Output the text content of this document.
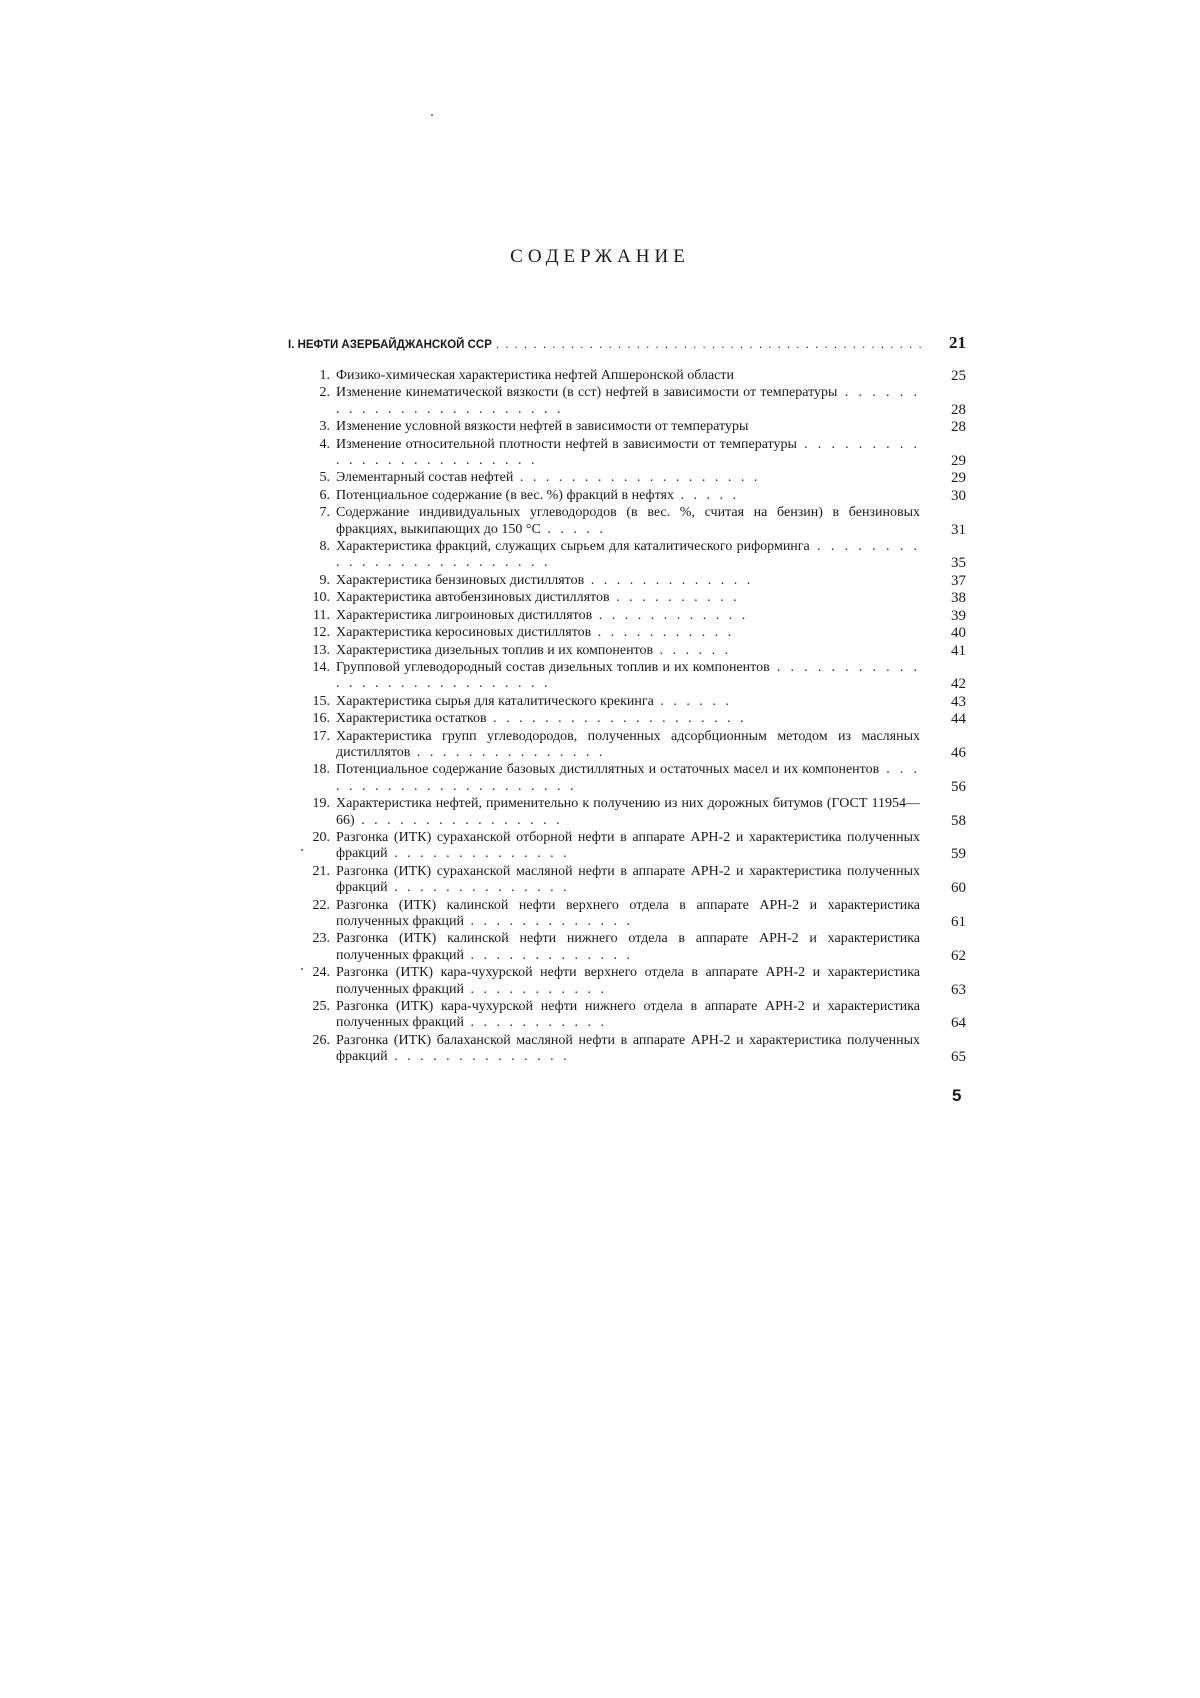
СОДЕРЖАНИЕ
I. НЕФТИ АЗЕРБАЙДЖАНСКОЙ ССР . . .	21
1. Физико-химическая характеристика нефтей Апшеронской области	25
2. Изменение кинематической вязкости (в сст) нефтей в зависимости от температуры . . . . . . . . . . . . . . . . . . . . . . . .	28
3. Изменение условной вязкости нефтей в зависимости от температуры	28
4. Изменение относительной плотности нефтей в зависимости от температуры . . . . . . . . . . . . . . . . . . . . . . . . .	29
5. Элементарный состав нефтей . . . . . . . . . . . . . . . . . . .	29
6. Потенциальное содержание (в вес. %) фракций в нефтях . . . . .	30
7. Содержание индивидуальных углеводородов (в вес. %, считая на бензин) в бензиновых фракциях, выкипающих до 150 °С . . . . .	31
8. Характеристика фракций, служащих сырьем для каталитического риформинга . . . . . . . . . . . . . . . . . . . . . . . . .	35
9. Характеристика бензиновых дистиллятов . . . . . . . . . . . . .	37
10. Характеристика автобензиновых дистиллятов . . . . . . . . . .	38
11. Характеристика лигроиновых дистиллятов . . . . . . . . . . . .	39
12. Характеристика керосиновых дистиллятов . . . . . . . . . . .	40
13. Характеристика дизельных топлив и их компонентов . . . . . .	41
14. Групповой углеводородный состав дизельных топлив и их компонентов . . . . . . . . . . . . . . . . . . . . . . . . . . . .	42
15. Характеристика сырья для каталитического крекинга . . . . . .	43
16. Характеристика остатков . . . . . . . . . . . . . . . . . . . .	44
17. Характеристика групп углеводородов, полученных адсорбционным методом из масляных дистиллятов . . . . . . . . . . . . . . .	46
18. Потенциальное содержание базовых дистиллятных и остаточных масел и их компонентов . . . . . . . . . . . . . . . . . . . . . .	56
19. Характеристика нефтей, применительно к получению из них дорожных битумов (ГОСТ 11954—66) . . . . . . . . . . . . . . . .	58
20. Разгонка (ИТК) сураханской отборной нефти в аппарате АРН-2 и характеристика полученных фракций . . . . . . . . . . . . . .	59
21. Разгонка (ИТК) сураханской масляной нефти в аппарате АРН-2 и характеристика полученных фракций . . . . . . . . . . . . . .	60
22. Разгонка (ИТК) калинской нефти верхнего отдела в аппарате АРН-2 и характеристика полученных фракций . . . . . . . . . . . . .	61
23. Разгонка (ИТК) калинской нефти нижнего отдела в аппарате АРН-2 и характеристика полученных фракций . . . . . . . . . . . . .	62
24. Разгонка (ИТК) кара-чухурской нефти верхнего отдела в аппарате АРН-2 и характеристика полученных фракций . . . . . . . . . . .	63
25. Разгонка (ИТК) кара-чухурской нефти нижнего отдела в аппарате АРН-2 и характеристика полученных фракций . . . . . . . . . . .	64
26. Разгонка (ИТК) балаханской масляной нефти в аппарате АРН-2 и характеристика полученных фракций . . . . . . . . . . . . . .	65
5
